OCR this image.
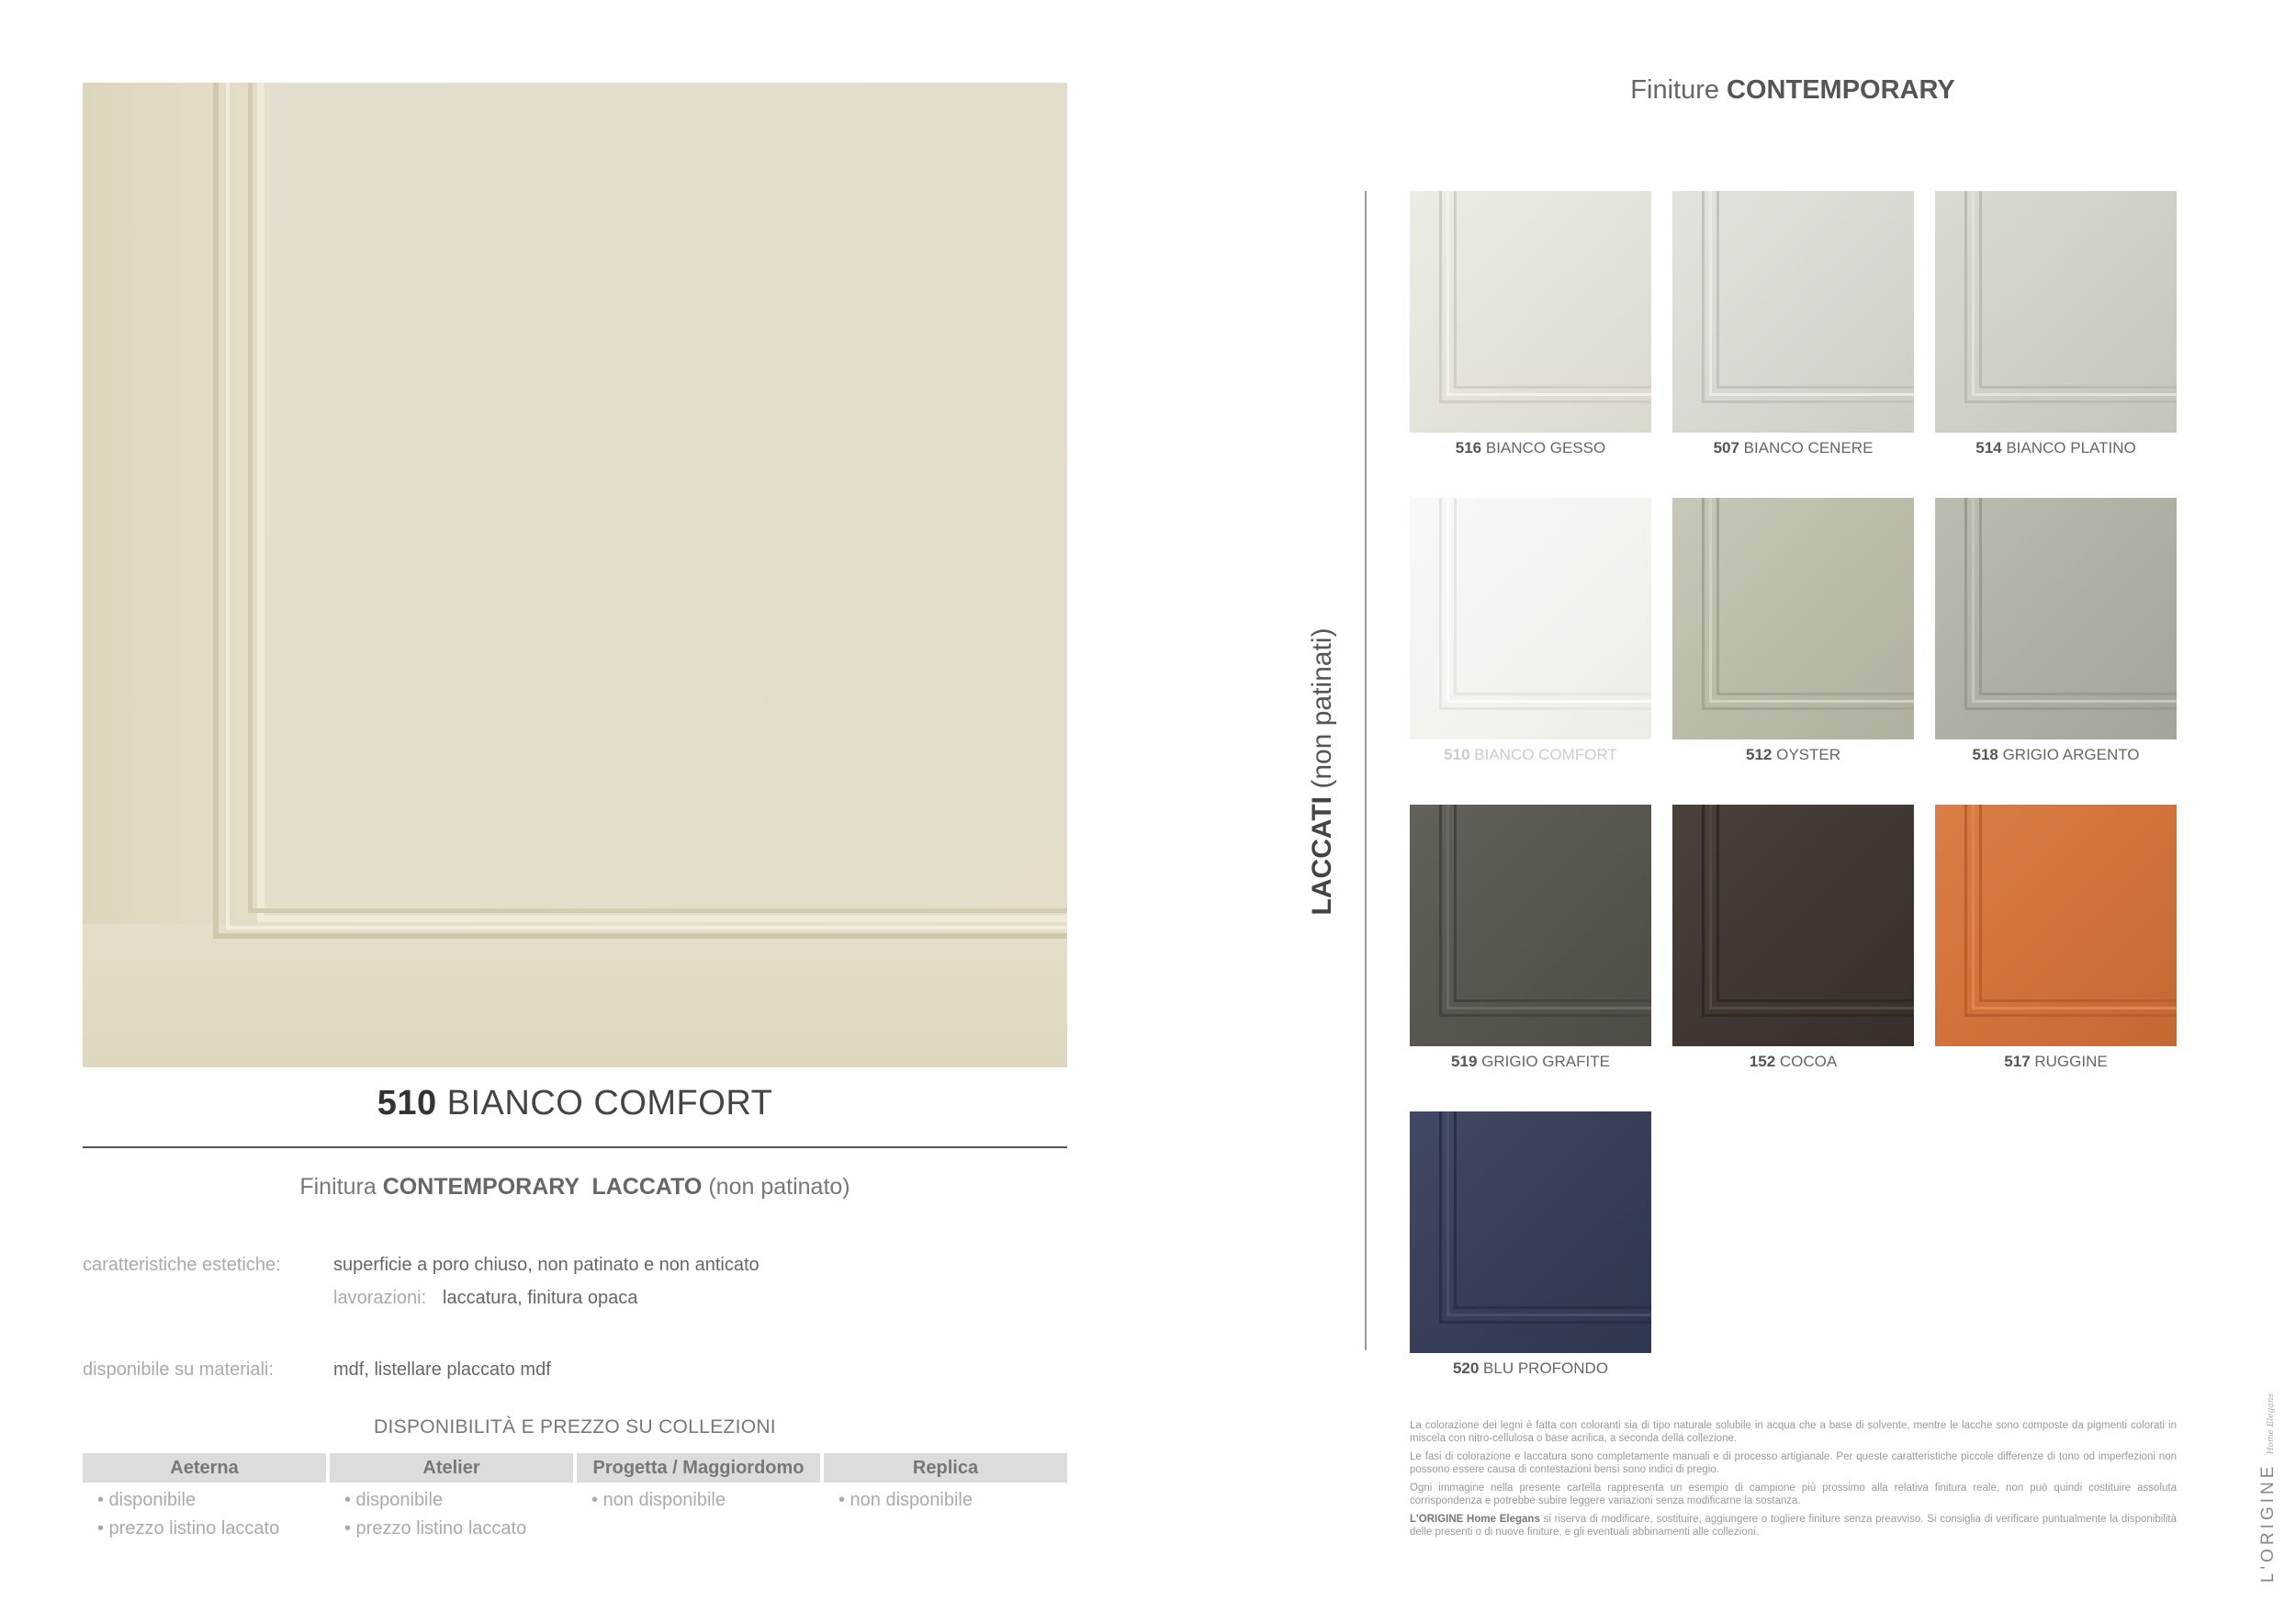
510 BIANCO COMFORT
Finitura CONTEMPORARY  LACCATO (non patinato)
caratteristiche estetiche:	superficie a poro chiuso, non patinato e non anticato
lavorazioni: laccatura, finitura opaca
disponibile su materiali:	mdf, listellare placcato mdf
DISPONIBILITÀ E PREZZO SU COLLEZIONI
Aeterna
• disponibile
• prezzo listino laccato
Atelier
• disponibile
• prezzo listino laccato
Progetta / Maggiordomo
• non disponibile
Replica
• non disponibile
Finiture CONTEMPORARY
LACCATI (non patinati)
516 BIANCO GESSO	507 BIANCO CENERE	514 BIANCO PLATINO
510 BIANCO COMFORT	512 OYSTER	518 GRIGIO ARGENTO
519 GRIGIO GRAFITE	152 COCOA	517 RUGGINE
520 BLU PROFONDO

La colorazione dei legni è fatta con coloranti sia di tipo naturale solubile in acqua che a base di solvente, mentre le lacche sono composte da pigmenti colorati in miscela con nitro-cellulosa o base acrilica, a seconda della collezione.

Le fasi di colorazione e laccatura sono completamente manuali e di processo artigianale. Per queste caratteristiche piccole differenze di tono od imperfezioni non possono essere causa di contestazioni bensì sono indici di pregio.

Ogni immagine nella presente cartella rappresenta un esempio di campione più prossimo alla relativa finitura reale, non può quindi costituire assoluta corrispondenza e potrebbe subire leggere variazioni senza modificarne la sostanza.

L'ORIGINE Home Elegans si riserva di modificare, sostituire, aggiungere o togliere finiture senza preavviso. Si consiglia di verificare puntualmente la disponibilità delle presenti o di nuove finiture, e gli eventuali abbinamenti alle collezioni.	L'ORIGINE Home Elegans
